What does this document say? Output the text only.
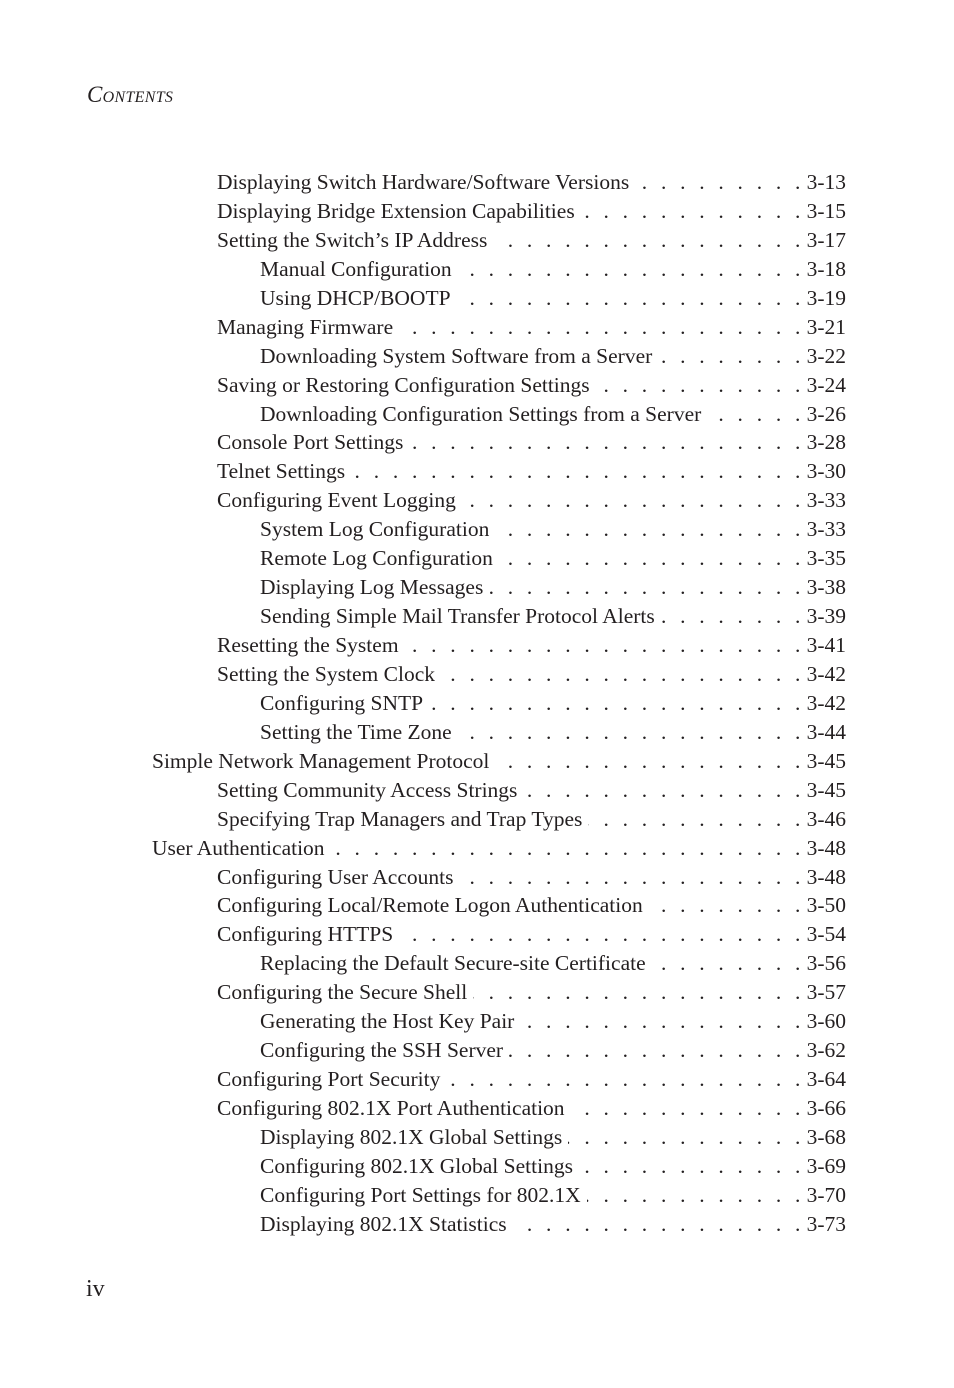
Contents
Displaying Switch Hardware/Software Versions . . .	3-13
Displaying Bridge Extension Capabilities . . .	3-15
Setting the Switch’s IP Address . . .	3-17
Manual Configuration . . .	3-18
Using DHCP/BOOTP . . .	3-19
Managing Firmware . . .	3-21
Downloading System Software from a Server . . .	3-22
Saving or Restoring Configuration Settings . . .	3-24
Downloading Configuration Settings from a Server . . .	3-26
Console Port Settings . . .	3-28
Telnet Settings . . .	3-30
Configuring Event Logging . . .	3-33
System Log Configuration . . .	3-33
Remote Log Configuration . . .	3-35
Displaying Log Messages . . .	3-38
Sending Simple Mail Transfer Protocol Alerts . . .	3-39
Resetting the System . . .	3-41
Setting the System Clock . . .	3-42
Configuring SNTP . . .	3-42
Setting the Time Zone . . .	3-44
Simple Network Management Protocol . . .	3-45
Setting Community Access Strings . . .	3-45
Specifying Trap Managers and Trap Types . . .	3-46
User Authentication . . .	3-48
Configuring User Accounts . . .	3-48
Configuring Local/Remote Logon Authentication . . .	3-50
Configuring HTTPS . . .	3-54
Replacing the Default Secure-site Certificate . . .	3-56
Configuring the Secure Shell . . .	3-57
Generating the Host Key Pair . . .	3-60
Configuring the SSH Server . . .	3-62
Configuring Port Security . . .	3-64
Configuring 802.1X Port Authentication . . .	3-66
Displaying 802.1X Global Settings . . .	3-68
Configuring 802.1X Global Settings . . .	3-69
Configuring Port Settings for 802.1X . . .	3-70
Displaying 802.1X Statistics . . .	3-73
iv
